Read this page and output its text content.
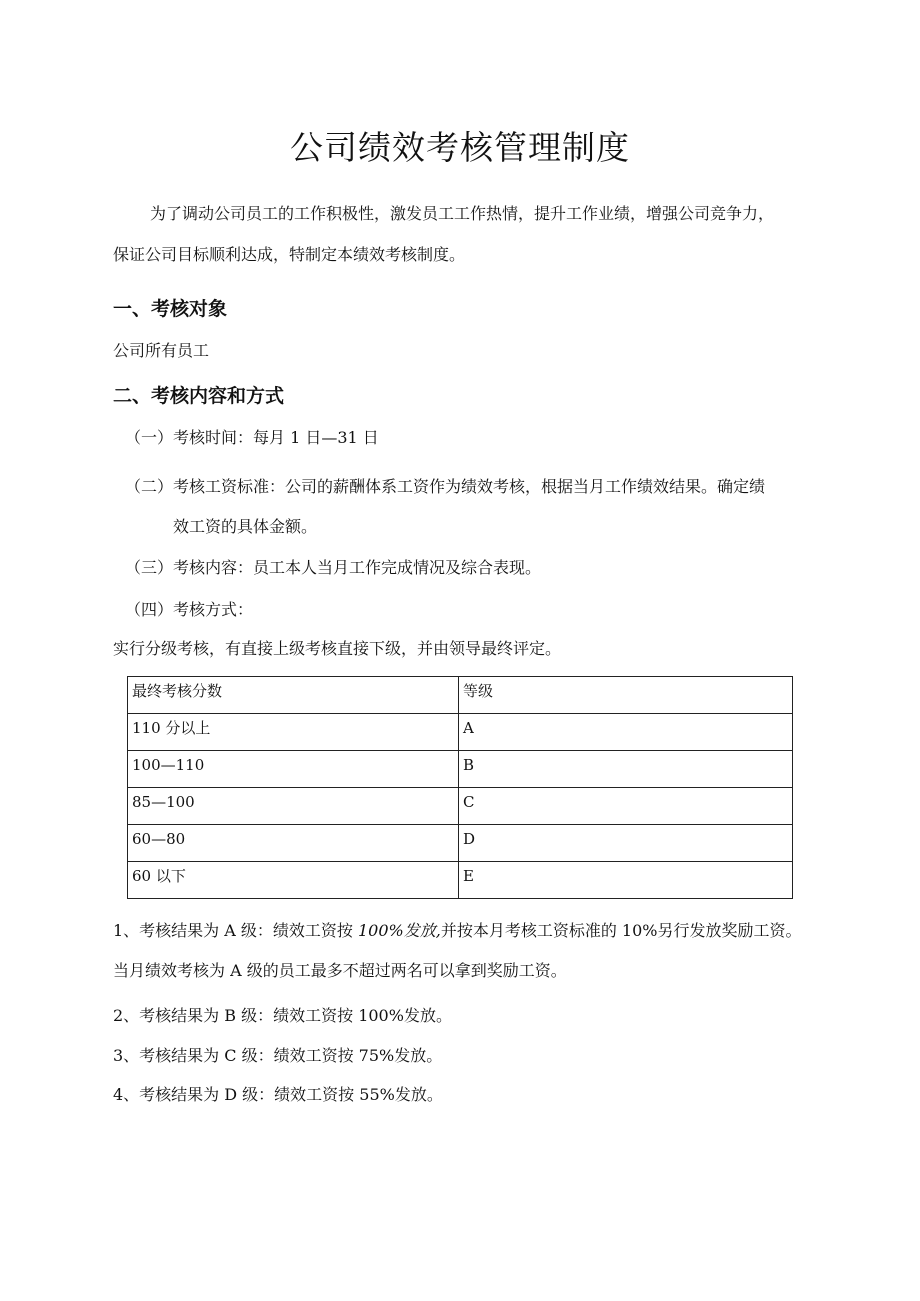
公司绩效考核管理制度
为了调动公司员工的工作积极性，激发员工工作热情，提升工作业绩，增强公司竞争力，
保证公司目标顺利达成，特制定本绩效考核制度。
一、考核对象
公司所有员工
二、考核内容和方式
（一）考核时间：每月 1 日—31 日
（二）考核工资标准：公司的薪酬体系工资作为绩效考核，根据当月工作绩效结果。确定绩
效工资的具体金额。
（三）考核内容：员工本人当月工作完成情况及综合表现。
（四）考核方式：
实行分级考核，有直接上级考核直接下级，并由领导最终评定。
最终考核分数	等级
110 分以上	A
100—110	B
85—100	C
60—80	D
60 以下	E
1、考核结果为 A 级：绩效工资按 100%发放,并按本月考核工资标准的 10%另行发放奖励工资。
当月绩效考核为 A 级的员工最多不超过两名可以拿到奖励工资。
2、考核结果为 B 级：绩效工资按 100%发放。
3、考核结果为 C 级：绩效工资按 75%发放。
4、考核结果为 D 级：绩效工资按 55%发放。
